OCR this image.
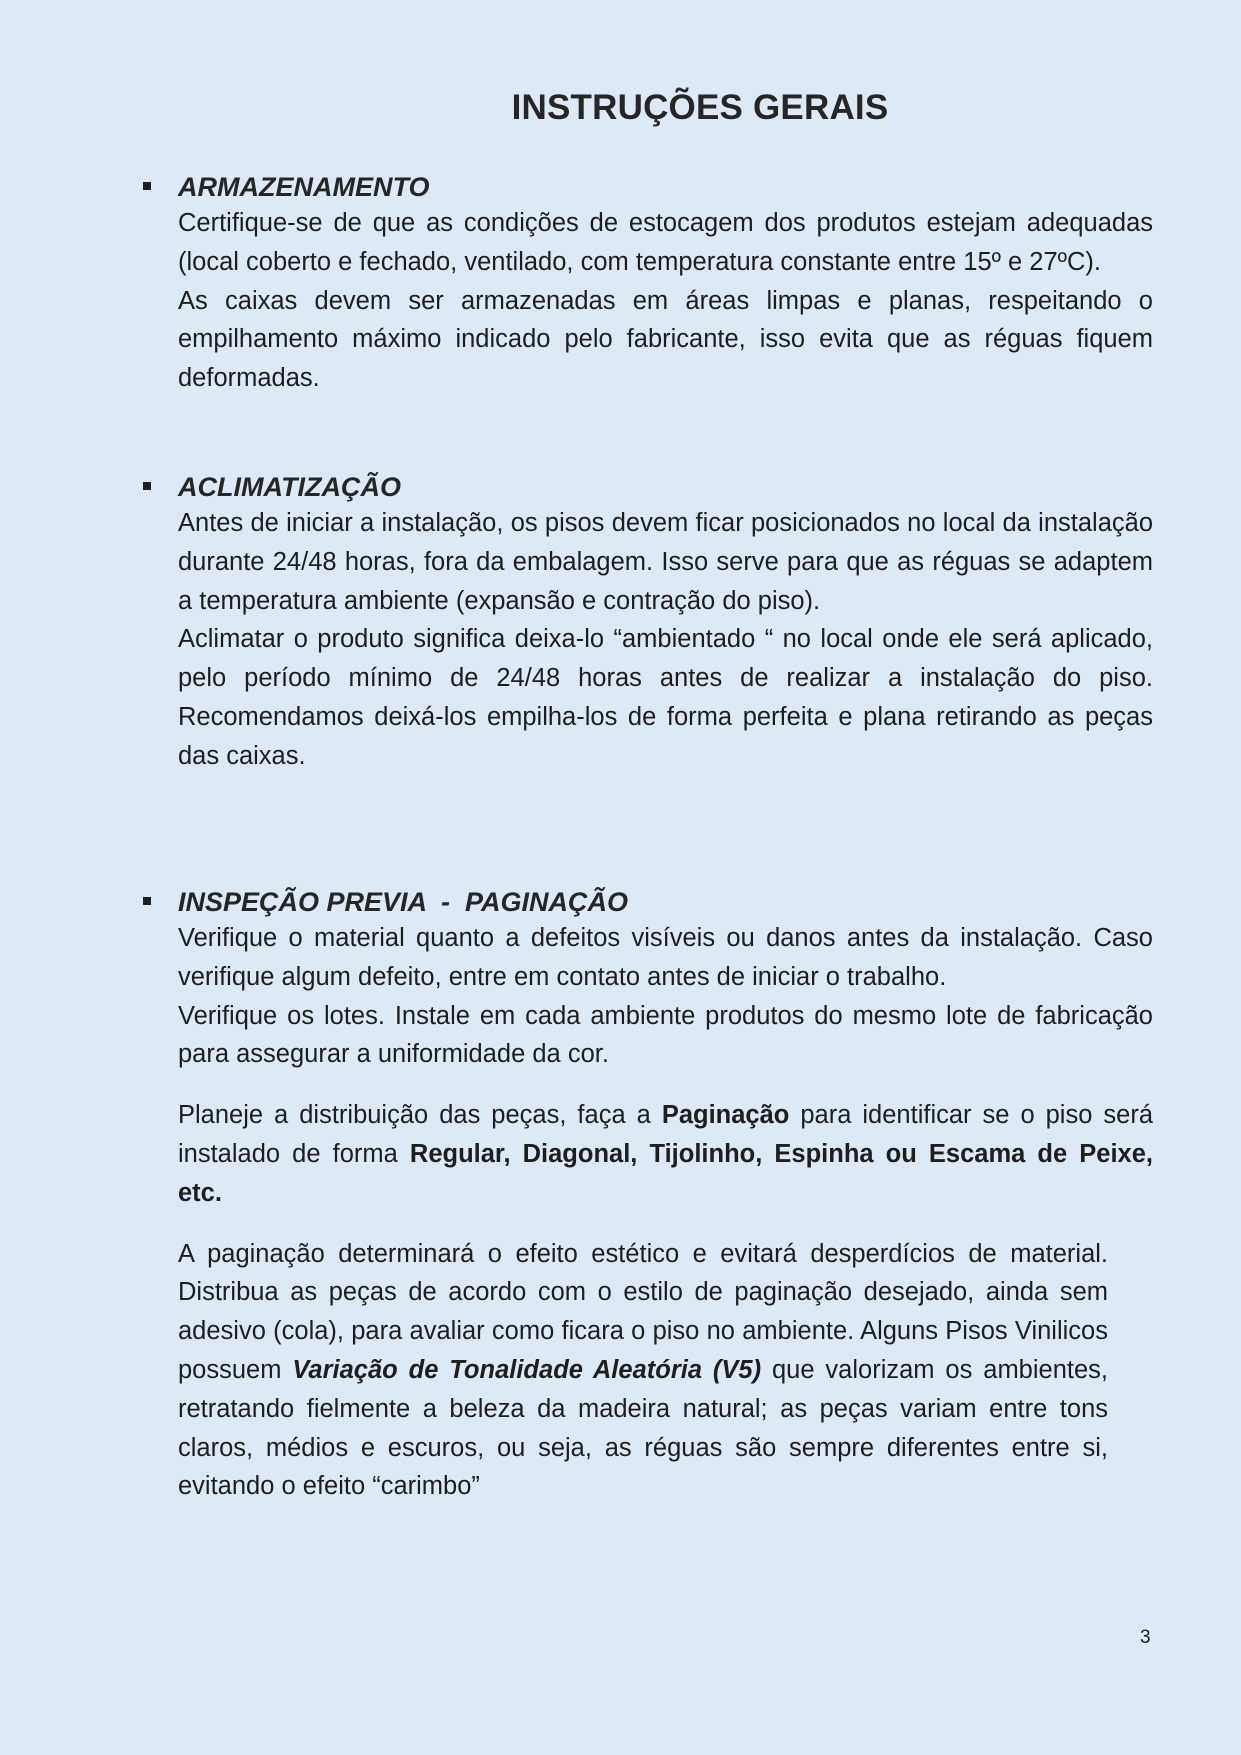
INSTRUÇÕES GERAIS
ARMAZENAMENTO

Certifique-se de que as condições de estocagem dos produtos estejam adequadas (local coberto e fechado, ventilado, com temperatura constante entre 15º e 27ºC).

As caixas devem ser armazenadas em áreas limpas e planas, respeitando o empilhamento máximo indicado pelo fabricante, isso evita que as réguas fiquem deformadas.

ACLIMATIZAÇÃO

Antes de iniciar a instalação, os pisos devem ficar posicionados no local da instalação durante 24/48 horas, fora da embalagem. Isso serve para que as réguas se adaptem a temperatura ambiente (expansão e contração do piso).

Aclimatar o produto significa deixa-lo “ambientado “ no local onde ele será aplicado, pelo período mínimo de 24/48 horas antes de realizar a instalação do piso. Recomendamos deixá-los empilha-los de forma perfeita e plana retirando as peças das caixas.

INSPEÇÃO PREVIA  -  PAGINAÇÃO

Verifique o material quanto a defeitos visíveis ou danos antes da instalação. Caso verifique algum defeito, entre em contato antes de iniciar o trabalho.

Verifique os lotes. Instale em cada ambiente produtos do mesmo lote de fabricação para assegurar a uniformidade da cor.

Planeje a distribuição das peças, faça a Paginação para identificar se o piso será instalado de forma Regular, Diagonal, Tijolinho, Espinha ou Escama de Peixe, etc.

A paginação determinará o efeito estético e evitará desperdícios de material. Distribua as peças de acordo com o estilo de paginação desejado, ainda sem adesivo (cola), para avaliar como ficara o piso no ambiente. Alguns Pisos Vinilicos possuem Variação de Tonalidade Aleatória (V5) que valorizam os ambientes, retratando fielmente a beleza da madeira natural; as peças variam entre tons claros, médios e escuros, ou seja, as réguas são sempre diferentes entre si, evitando o efeito “carimbo”

3
